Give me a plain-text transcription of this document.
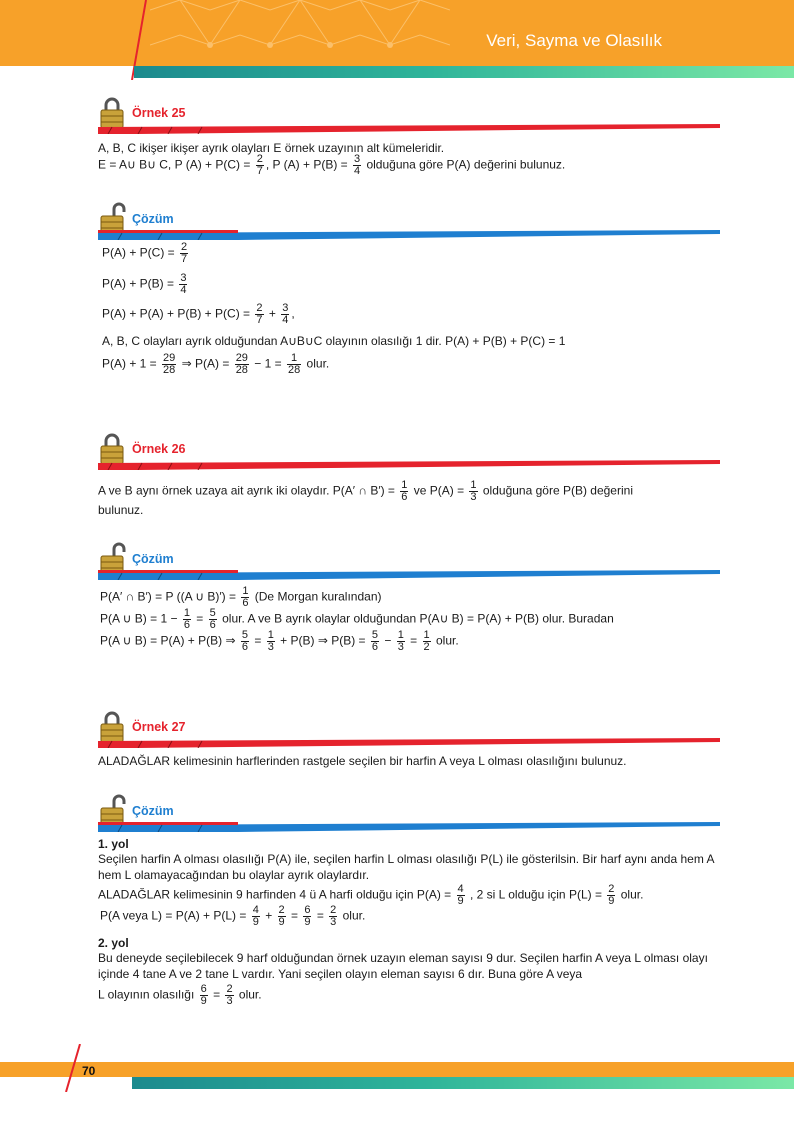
Veri, Sayma ve Olasılık
Örnek 25
A, B, C ikişer ikişer ayrık olayları E örnek uzayının alt kümeleridir.
E = A∪ B∪ C, P $(A) + P(C) = \frac{2}{7}$ , P $(A) + P(B) = \frac{3}{4}$ olduğuna göre P(A) değerini bulunuz.
Çözüm
$P(A) + P(C) = \frac{2}{7}$
$P(A) + P(B) = \frac{3}{4}$
$P(A) + P(A) + P(B) + P(C) = \frac{2}{7} + \frac{3}{4}$ ,
A, B, C olayları ayrık olduğundan A∪B∪C olayının olasılığı 1 dir. P(A) + P(B) + P(C) = 1
$P(A) + 1 = \frac{29}{28}$ ⇒ $P(A) = \frac{29}{28} - 1 = \frac{1}{28}$ olur.
Örnek 26
A ve B aynı örnek uzaya ait ayrık iki olaydır. P(A′ ∩ $B') = \frac{1}{6}$ ve $P(A) = \frac{1}{3}$ olduğuna göre P(B) değerini
bulunuz.
Çözüm
P(A′ ∩ B′) = P ((A ∪ $B)') = \frac{1}{6} (De$ Morgan kuralından)
P(A ∪ $B) = 1 - \frac{1}{6} = \frac{5}{6}$ olur. A ve B ayrık olaylar olduğundan P(A∪ B) = P(A) + P(B) olur. Buradan
P(A ∪ B) = P(A) + P(B) ⇒ $\frac{5}{6} = \frac{1}{3} + P(B)$ ⇒ $P(B) = \frac{5}{6} - \frac{1}{3} = \frac{1}{2}$ olur.
Örnek 27
ALADAĞLAR kelimesinin harflerinden rastgele seçilen bir harfin A veya L olması olasılığını bulunuz.
Çözüm
1. yol
Seçilen harfin A olması olasılığı P(A) ile, seçilen harfin L olması olasılığı P(L) ile gösterilsin. Bir harf aynı anda hem A hem L olamayacağından bu olaylar ayrık olaylardır.
ALADAĞLAR kelimesinin 9 harfinden 4 ü A harfi olduğu için $P(A) = \frac{4}{9}$ , 2 si L olduğu için $P(L) = \frac{2}{9}$ olur.
P(A veya $L) = P(A) + P(L) = \frac{4}{9} + \frac{2}{9} = \frac{6}{9} = \frac{2}{3}$ olur.
2. yol
Bu deneyde seçilebilecek 9 harf olduğundan örnek uzayın eleman sayısı 9 dur. Seçilen harfin A veya L olması olayı içinde 4 tane A ve 2 tane L vardır. Yani seçilen olayın eleman sayısı 6 dır. Buna göre A veya
L olayının olasılığı $\frac{6}{9} = \frac{2}{3}$ olur.
70
